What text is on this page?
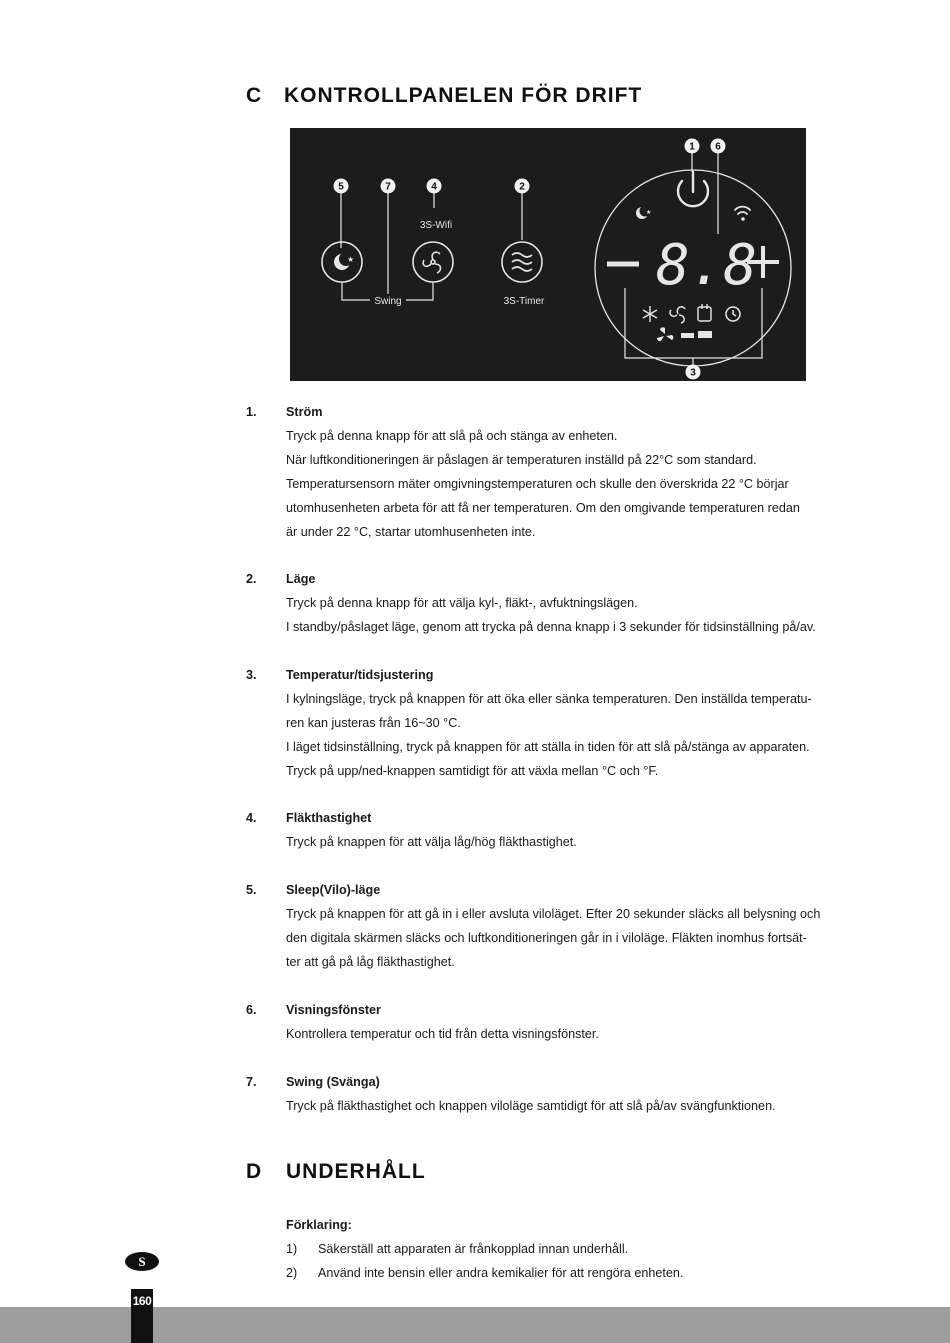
C KONTROLLPANELEN FÖR DRIFT
★
★
8.8
3S-Wifi
3S-Timer
Swing
5	7	4	2
1 6
3
1. Ström
Tryck på denna knapp för att slå på och stänga av enheten.
När luftkonditioneringen är påslagen är temperaturen inställd på 22°C som standard.
Temperatursensorn mäter omgivningstemperaturen och skulle den överskrida 22 °C börjar
utomhusenheten arbeta för att få ner temperaturen. Om den omgivande temperaturen redan
är under 22 °C, startar utomhusenheten inte.
2. Läge
Tryck på denna knapp för att välja kyl-, fläkt-, avfuktningslägen.
I standby/påslaget läge, genom att trycka på denna knapp i 3 sekunder för tidsinställning på/av.
3. Temperatur/tidsjustering
I kylningsläge, tryck på knappen för att öka eller sänka temperaturen. Den inställda temperatu-
ren kan justeras från 16~30 °C.
I läget tidsinställning, tryck på knappen för att ställa in tiden för att slå på/stänga av apparaten.
Tryck på upp/ned-knappen samtidigt för att växla mellan °C och °F.
4. Fläkthastighet
Tryck på knappen för att välja låg/hög fläkthastighet.
5. Sleep(Vilo)-läge
Tryck på knappen för att gå in i eller avsluta viloläget. Efter 20 sekunder släcks all belysning och
den digitala skärmen släcks och luftkonditioneringen går in i viloläge. Fläkten inomhus fortsät-
ter att gå på låg fläkthastighet.
6. Visningsfönster
Kontrollera temperatur och tid från detta visningsfönster.
7. Swing (Svänga)
Tryck på fläkthastighet och knappen viloläge samtidigt för att slå på/av svängfunktionen.
D UNDERHÅLL
Förklaring:
1) Säkerställ att apparaten är frånkopplad innan underhåll.
2) Använd inte bensin eller andra kemikalier för att rengöra enheten.
S
160
